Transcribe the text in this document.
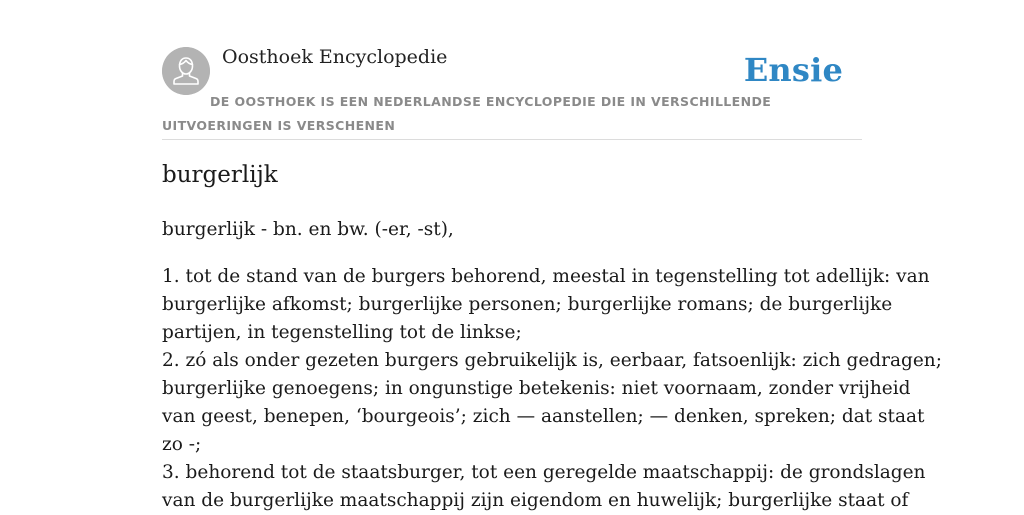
Oosthoek Encyclopedie	Ensie
DE OOSTHOEK IS EEN NEDERLANDSE ENCYCLOPEDIE DIE IN VERSCHILLENDE UITVOERINGEN IS VERSCHENEN
burgerlijk
burgerlijk - bn. en bw. (-er, -st),
1. tot de stand van de burgers behorend, meestal in tegenstelling tot adellijk: van
burgerlijke afkomst; burgerlijke personen; burgerlijke romans; de burgerlijke
partijen, in tegenstelling tot de linkse;
2. zó als onder gezeten burgers gebruikelijk is, eerbaar, fatsoenlijk: zich gedragen;
burgerlijke genoegens; in ongunstige betekenis: niet voornaam, zonder vrijheid
van geest, benepen, ‘bourgeois’; zich — aanstellen; — denken, spreken; dat staat
zo -;
3. behorend tot de staatsburger, tot een geregelde maatschappij: de grondslagen
van de burgerlijke maatschappij zijn eigendom en huwelijk; burgerlijke staat of
